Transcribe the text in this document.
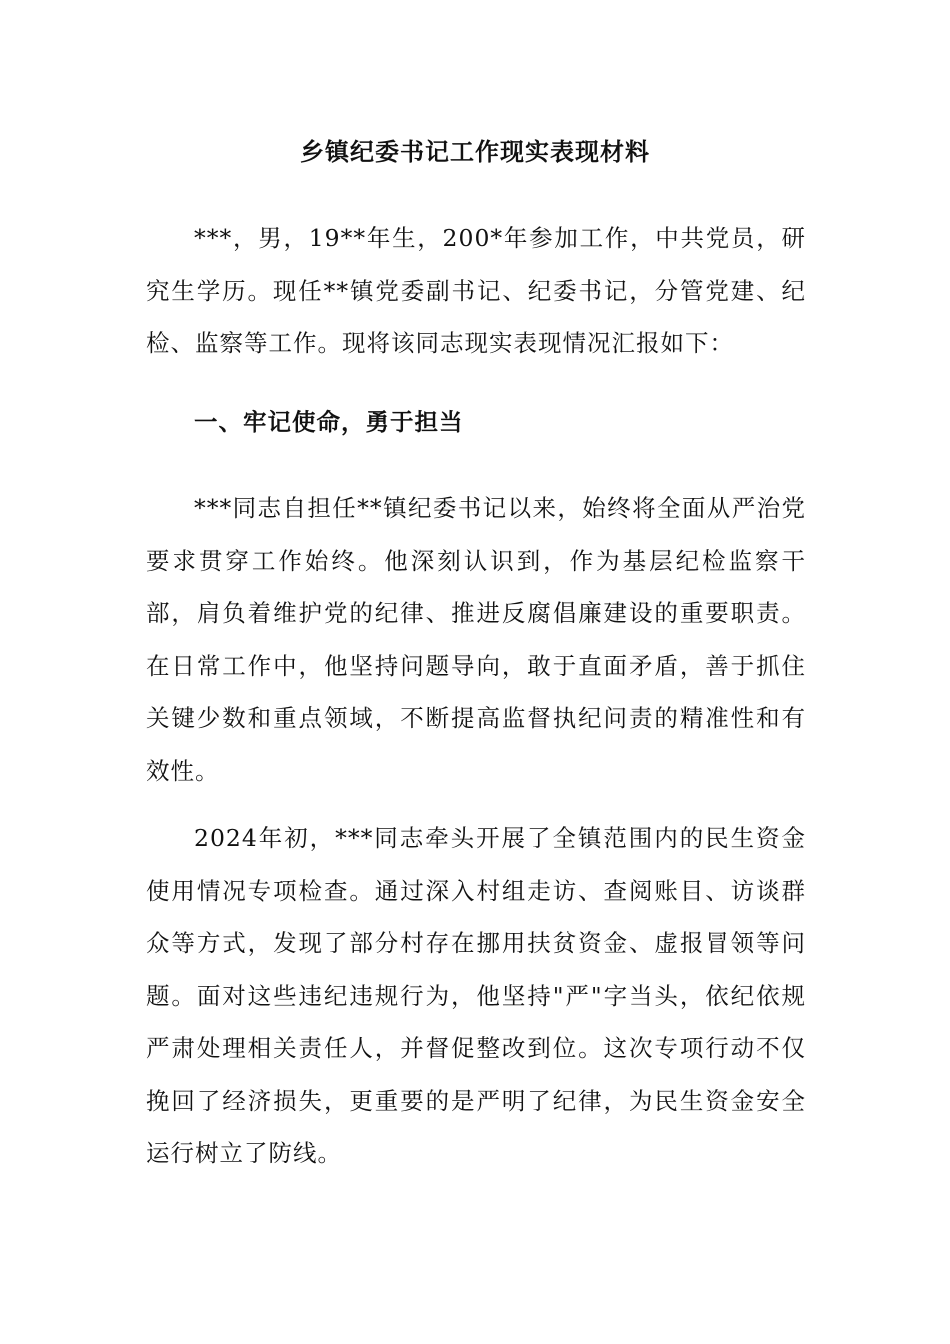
乡镇纪委书记工作现实表现材料

***，男，19**年生，200*年参加工作，中共党员，研究生学历。现任**镇党委副书记、纪委书记，分管党建、纪检、监察等工作。现将该同志现实表现情况汇报如下：

一、牢记使命，勇于担当

***同志自担任**镇纪委书记以来，始终将全面从严治党要求贯穿工作始终。他深刻认识到，作为基层纪检监察干部，肩负着维护党的纪律、推进反腐倡廉建设的重要职责。在日常工作中，他坚持问题导向，敢于直面矛盾，善于抓住关键少数和重点领域，不断提高监督执纪问责的精准性和有效性。

2024年初，***同志牵头开展了全镇范围内的民生资金使用情况专项检查。通过深入村组走访、查阅账目、访谈群众等方式，发现了部分村存在挪用扶贫资金、虚报冒领等问题。面对这些违纪违规行为，他坚持"严"字当头，依纪依规严肃处理相关责任人，并督促整改到位。这次专项行动不仅挽回了经济损失，更重要的是严明了纪律，为民生资金安全运行树立了防线。
